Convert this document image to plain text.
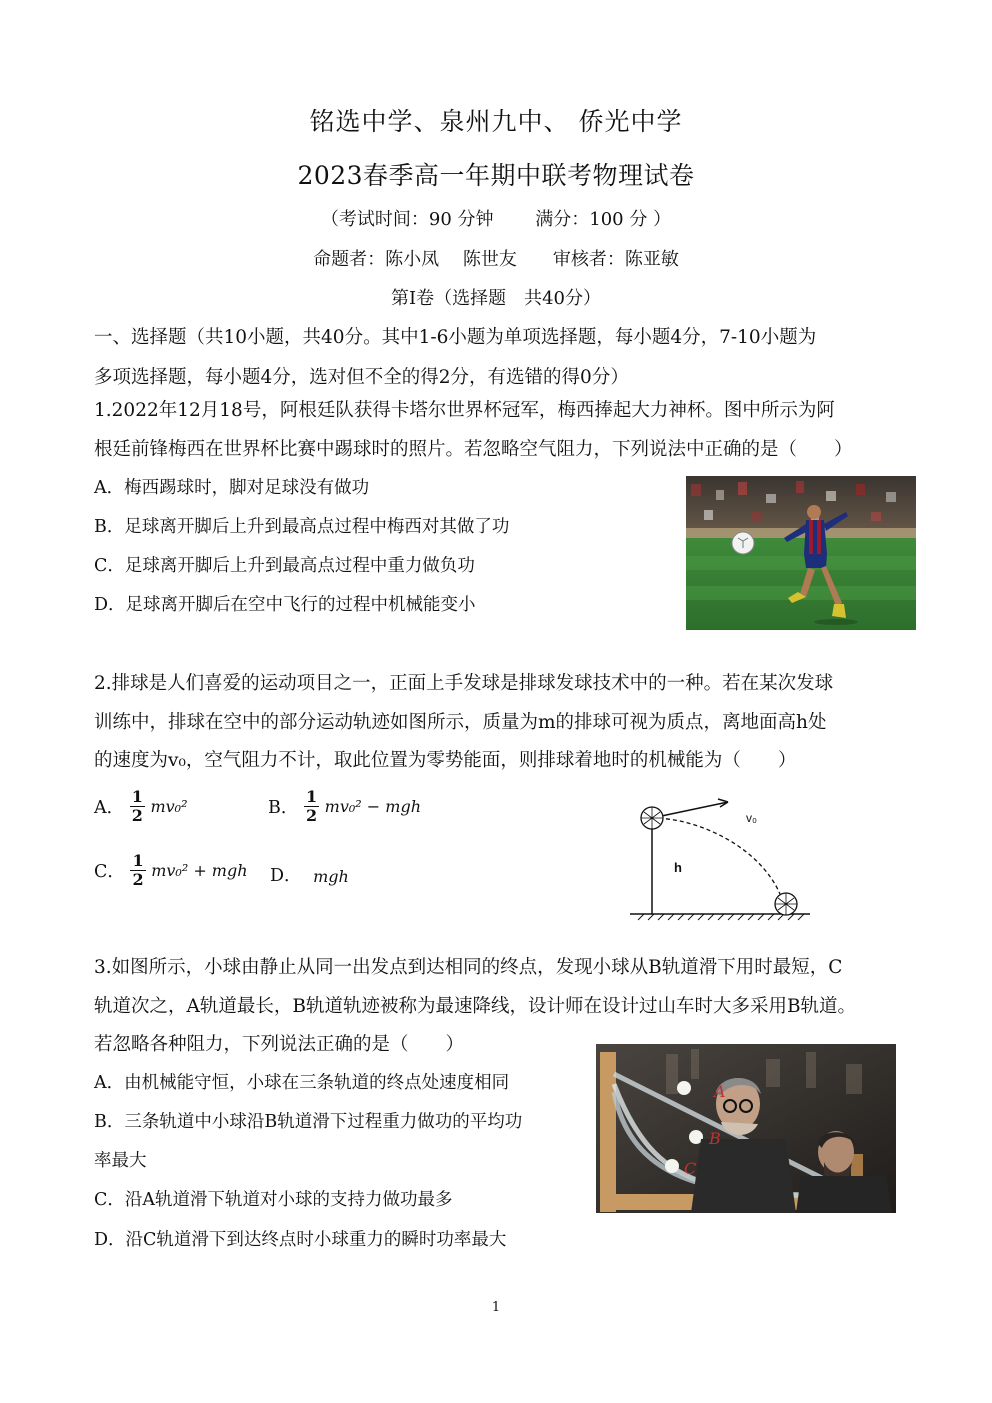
铭选中学、泉州九中、 侨光中学
2023春季高一年期中联考物理试卷
（考试时间：90 分钟　　 满分：100 分 ）
命题者：陈小凤　 陈世友　　审核者：陈亚敏
第Ⅰ卷（选择题　共40分）
一、选择题（共10小题，共40分。其中1-6小题为单项选择题，每小题4分，7-10小题为
多项选择题，每小题4分，选对但不全的得2分，有选错的得0分）
1.2022年12月18号，阿根廷队获得卡塔尔世界杯冠军，梅西捧起大力神杯。图中所示为阿
根廷前锋梅西在世界杯比赛中踢球时的照片。若忽略空气阻力，下列说法中正确的是（　　）
A．梅西踢球时，脚对足球没有做功
B．足球离开脚后上升到最高点过程中梅西对其做了功
C．足球离开脚后上升到最高点过程中重力做负功
D．足球离开脚后在空中飞行的过程中机械能变小
2.排球是人们喜爱的运动项目之一，正面上手发球是排球发球技术中的一种。若在某次发球
训练中，排球在空中的部分运动轨迹如图所示，质量为m的排球可视为质点，离地面高h处
的速度为v₀，空气阻力不计，取此位置为零势能面，则排球着地时的机械能为（　　）
A． $\frac{1}{2} mv_0^2$	B． $\frac{1}{2} mv_0^2$ − mgh
C． $\frac{1}{2} mv_0^2$ + mgh D． mgh
v₀
h
3.如图所示，小球由静止从同一出发点到达相同的终点，发现小球从B轨道滑下用时最短，C
轨道次之，A轨道最长，B轨道轨迹被称为最速降线，设计师在设计过山车时大多采用B轨道。
若忽略各种阻力，下列说法正确的是（　　）
A．由机械能守恒，小球在三条轨道的终点处速度相同
B．三条轨道中小球沿B轨道滑下过程重力做功的平均功
率最大
C．沿A轨道滑下轨道对小球的支持力做功最多
D．沿C轨道滑下到达终点时小球重力的瞬时功率最大
A
B
C
1
